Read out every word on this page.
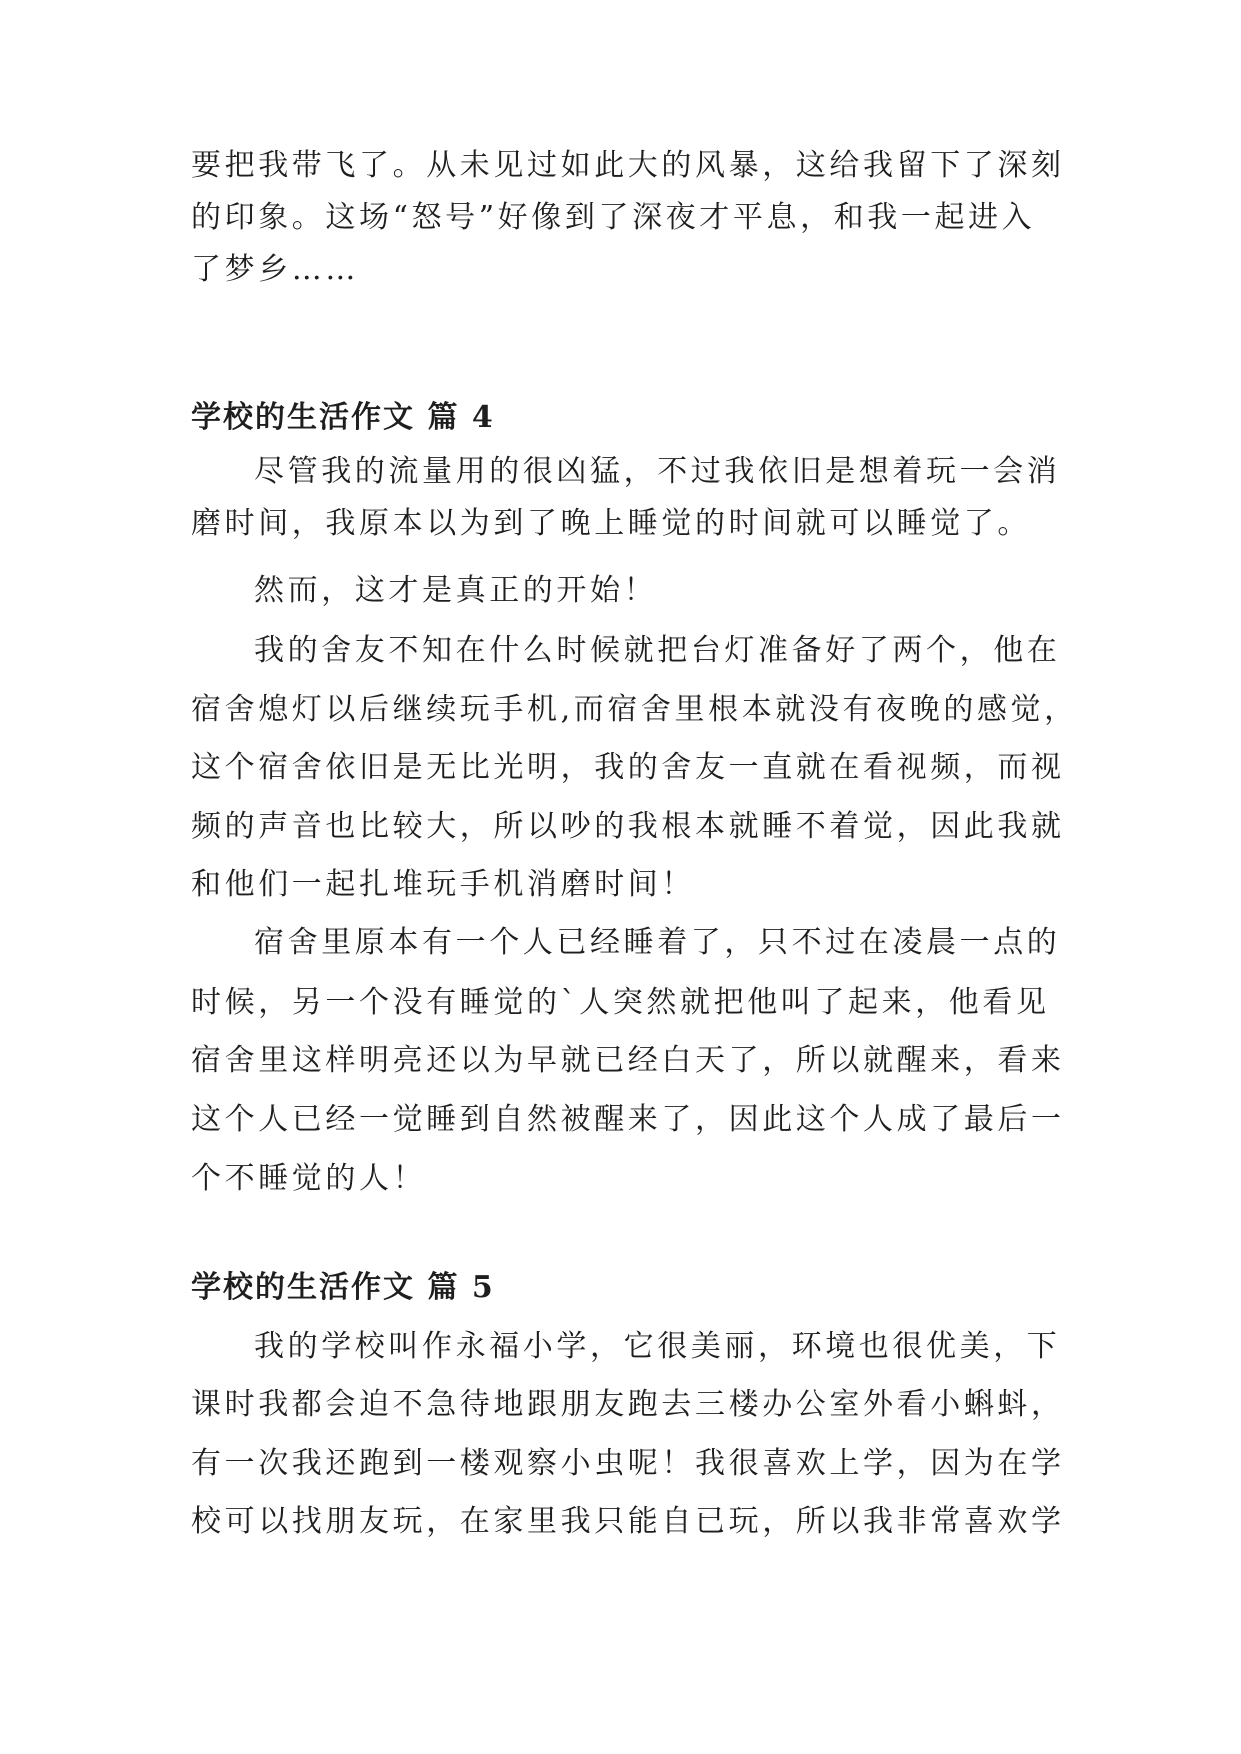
要把我带飞了。从未见过如此大的风暴，这给我留下了深刻

的印象。这场“怒号”好像到了深夜才平息，和我一起进入

了梦乡……

学校的生活作文 篇 4

尽管我的流量用的很凶猛，不过我依旧是想着玩一会消

磨时间，我原本以为到了晚上睡觉的时间就可以睡觉了。

然而，这才是真正的开始！

我的舍友不知在什么时候就把台灯准备好了两个，他在

宿舍熄灯以后继续玩手机,而宿舍里根本就没有夜晚的感觉，

这个宿舍依旧是无比光明，我的舍友一直就在看视频，而视

频的声音也比较大，所以吵的我根本就睡不着觉，因此我就

和他们一起扎堆玩手机消磨时间！

宿舍里原本有一个人已经睡着了，只不过在凌晨一点的

时候，另一个没有睡觉的`人突然就把他叫了起来，他看见

宿舍里这样明亮还以为早就已经白天了，所以就醒来，看来

这个人已经一觉睡到自然被醒来了，因此这个人成了最后一

个不睡觉的人！

学校的生活作文 篇 5

我的学校叫作永福小学，它很美丽，环境也很优美，下

课时我都会迫不急待地跟朋友跑去三楼办公室外看小蝌蚪，

有一次我还跑到一楼观察小虫呢！我很喜欢上学，因为在学

校可以找朋友玩，在家里我只能自已玩，所以我非常喜欢学
